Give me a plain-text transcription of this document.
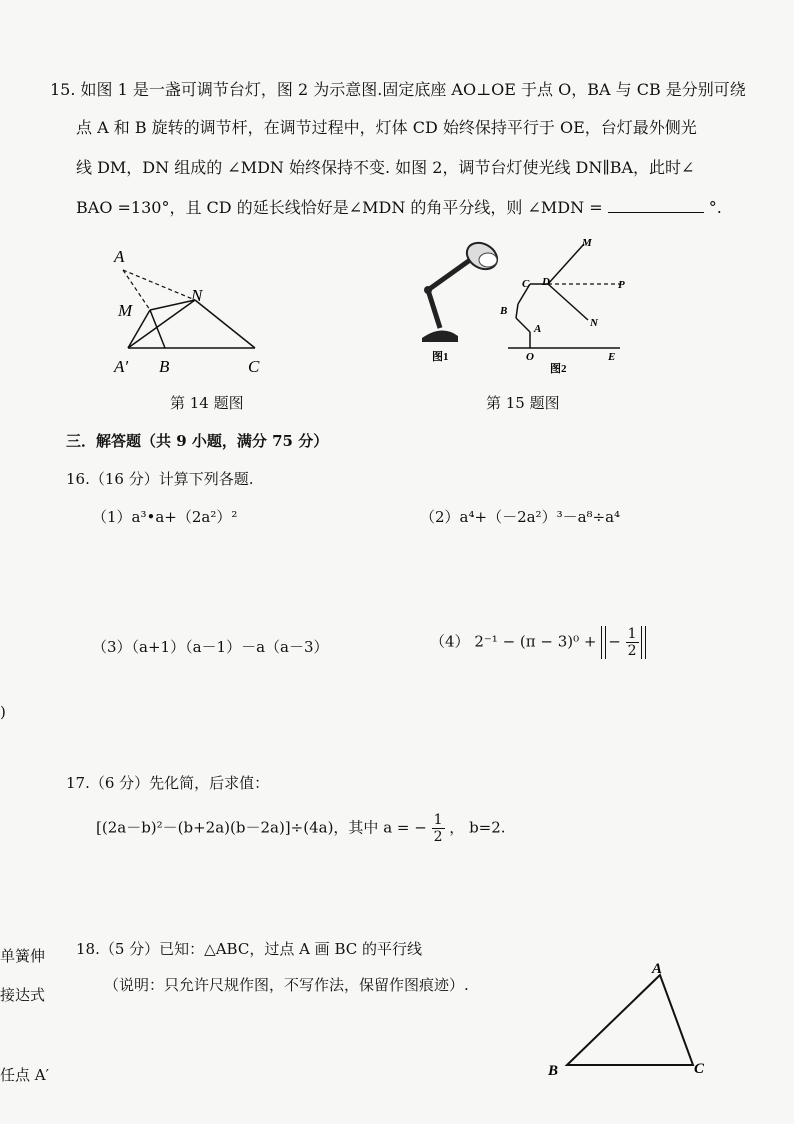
15. 如图 1 是一盏可调节台灯，图 2 为示意图.固定底座 AO⊥OE 于点 O，BA 与 CB 是分别可绕
点 A 和 B 旋转的调节杆，在调节过程中，灯体 CD 始终保持平行于 OE，台灯最外侧光
线 DM，DN 组成的 ∠MDN 始终保持不变. 如图 2，调节台灯使光线 DN∥BA，此时∠
BAO =130°，且 CD 的延长线恰好是∠MDN 的角平分线，则 ∠MDN =	°.
A
M
N
A′ B	C
第 14 题图
图1
M
C D	P
B
A	N
O	E
图2
第 15 题图
三．解答题（共 9 小题，满分 75 分）
16.（16 分）计算下列各题.
（1）a³•a+（2a²）²	（2）a⁴+（－2a²）³－a⁸÷a⁴
（3）（a+1）（a－1）－a（a－3）	（4） 2⁻¹ − (π − 3)⁰ + − $\frac{1}{2}$
17.（6 分）先化简，后求值：
[(2a－b)²－(b+2a)(b－2a)]÷(4a)，其中 a = − $\frac{1}{2}$ ， b=2.
18.（5 分）已知：△ABC，过点 A 画 BC 的平行线
（说明：只允许尺规作图，不写作法，保留作图痕迹）.
A
B	C
)
单簧伸
接达式
任点 A′
